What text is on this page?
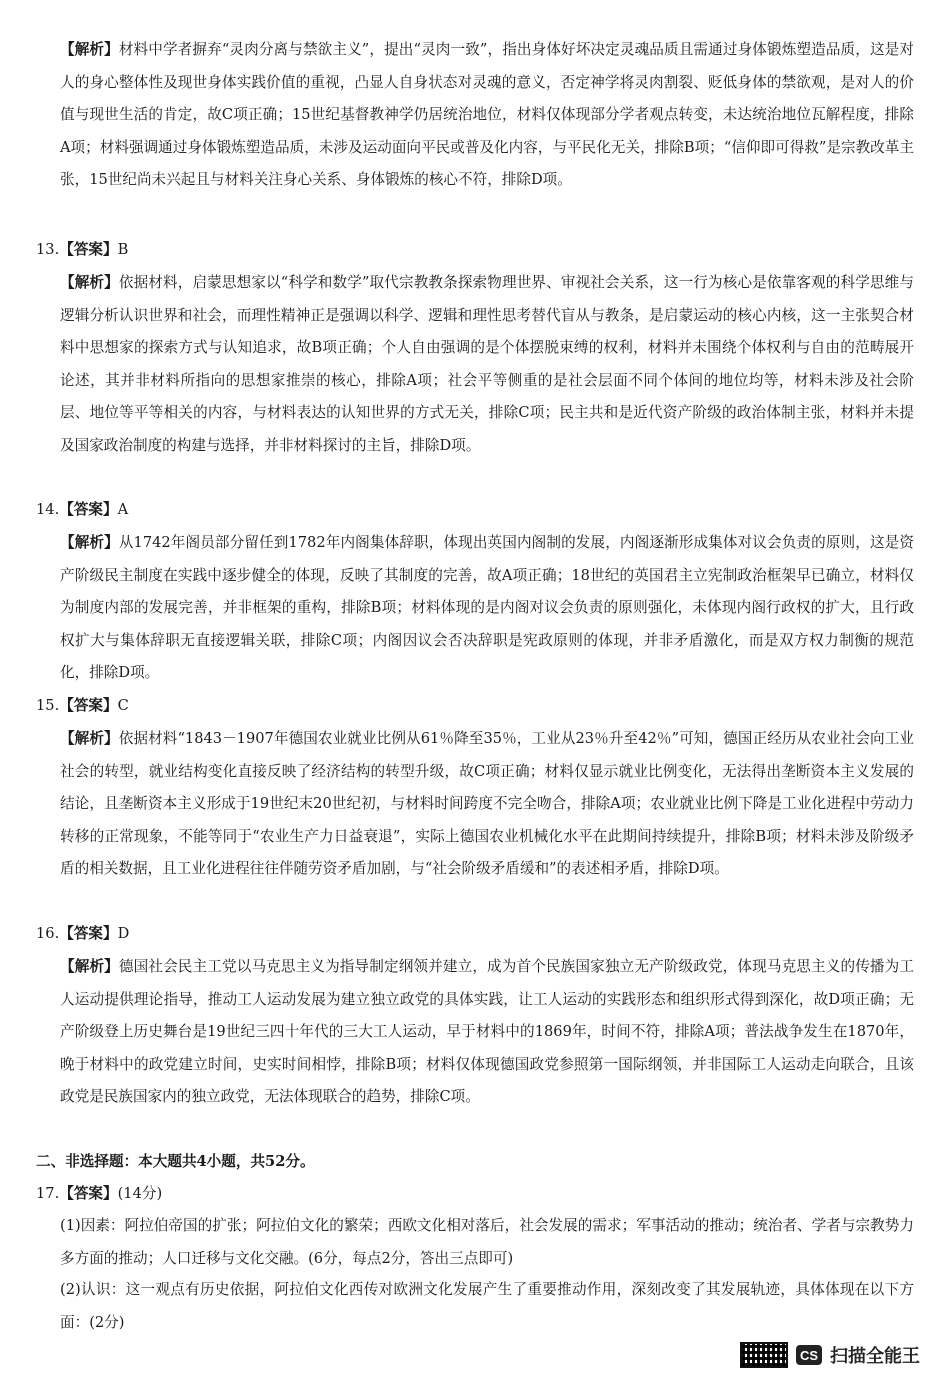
【解析】材料中学者摒弃“灵肉分离与禁欲主义”，提出“灵肉一致”，指出身体好坏决定灵魂品质且需通过身体锻炼塑造品质，这是对人的身心整体性及现世身体实践价值的重视，凸显人自身状态对灵魂的意义，否定神学将灵肉割裂、贬低身体的禁欲观，是对人的价值与现世生活的肯定，故C项正确；15世纪基督教神学仍居统治地位，材料仅体现部分学者观点转变，未达统治地位瓦解程度，排除A项；材料强调通过身体锻炼塑造品质，未涉及运动面向平民或普及化内容，与平民化无关，排除B项；“信仰即可得救”是宗教改革主张，15世纪尚未兴起且与材料关注身心关系、身体锻炼的核心不符，排除D项。

13.【答案】B

【解析】依据材料，启蒙思想家以“科学和数学”取代宗教教条探索物理世界、审视社会关系，这一行为核心是依靠客观的科学思维与逻辑分析认识世界和社会，而理性精神正是强调以科学、逻辑和理性思考替代盲从与教条，是启蒙运动的核心内核，这一主张契合材料中思想家的探索方式与认知追求，故B项正确；个人自由强调的是个体摆脱束缚的权利，材料并未围绕个体权利与自由的范畴展开论述，其并非材料所指向的思想家推崇的核心，排除A项；社会平等侧重的是社会层面不同个体间的地位均等，材料未涉及社会阶层、地位等平等相关的内容，与材料表达的认知世界的方式无关，排除C项；民主共和是近代资产阶级的政治体制主张，材料并未提及国家政治制度的构建与选择，并非材料探讨的主旨，排除D项。

14.【答案】A

【解析】从1742年阁员部分留任到1782年内阁集体辞职，体现出英国内阁制的发展，内阁逐渐形成集体对议会负责的原则，这是资产阶级民主制度在实践中逐步健全的体现，反映了其制度的完善，故A项正确；18世纪的英国君主立宪制政治框架早已确立，材料仅为制度内部的发展完善，并非框架的重构，排除B项；材料体现的是内阁对议会负责的原则强化，未体现内阁行政权的扩大，且行政权扩大与集体辞职无直接逻辑关联，排除C项；内阁因议会否决辞职是宪政原则的体现，并非矛盾激化，而是双方权力制衡的规范化，排除D项。

15.【答案】C

【解析】依据材料“1843－1907年德国农业就业比例从61％降至35％，工业从23％升至42％”可知，德国正经历从农业社会向工业社会的转型，就业结构变化直接反映了经济结构的转型升级，故C项正确；材料仅显示就业比例变化，无法得出垄断资本主义发展的结论，且垄断资本主义形成于19世纪末20世纪初，与材料时间跨度不完全吻合，排除A项；农业就业比例下降是工业化进程中劳动力转移的正常现象，不能等同于“农业生产力日益衰退”，实际上德国农业机械化水平在此期间持续提升，排除B项；材料未涉及阶级矛盾的相关数据，且工业化进程往往伴随劳资矛盾加剧，与“社会阶级矛盾缓和”的表述相矛盾，排除D项。

16.【答案】D

【解析】德国社会民主工党以马克思主义为指导制定纲领并建立，成为首个民族国家独立无产阶级政党，体现马克思主义的传播为工人运动提供理论指导，推动工人运动发展为建立独立政党的具体实践，让工人运动的实践形态和组织形式得到深化，故D项正确；无产阶级登上历史舞台是19世纪三四十年代的三大工人运动，早于材料中的1869年，时间不符，排除A项；普法战争发生在1870年，晚于材料中的政党建立时间，史实时间相悖，排除B项；材料仅体现德国政党参照第一国际纲领，并非国际工人运动走向联合，且该政党是民族国家内的独立政党，无法体现联合的趋势，排除C项。

二、非选择题：本大题共4小题，共52分。

17.【答案】(14分)

(1)因素：阿拉伯帝国的扩张；阿拉伯文化的繁荣；西欧文化相对落后，社会发展的需求；军事活动的推动；统治者、学者与宗教势力多方面的推动；人口迁移与文化交融。(6分，每点2分，答出三点即可)

(2)认识：这一观点有历史依据，阿拉伯文化西传对欧洲文化发展产生了重要推动作用，深刻改变了其发展轨迹，具体体现在以下方面：(2分)

CS 扫描全能王
